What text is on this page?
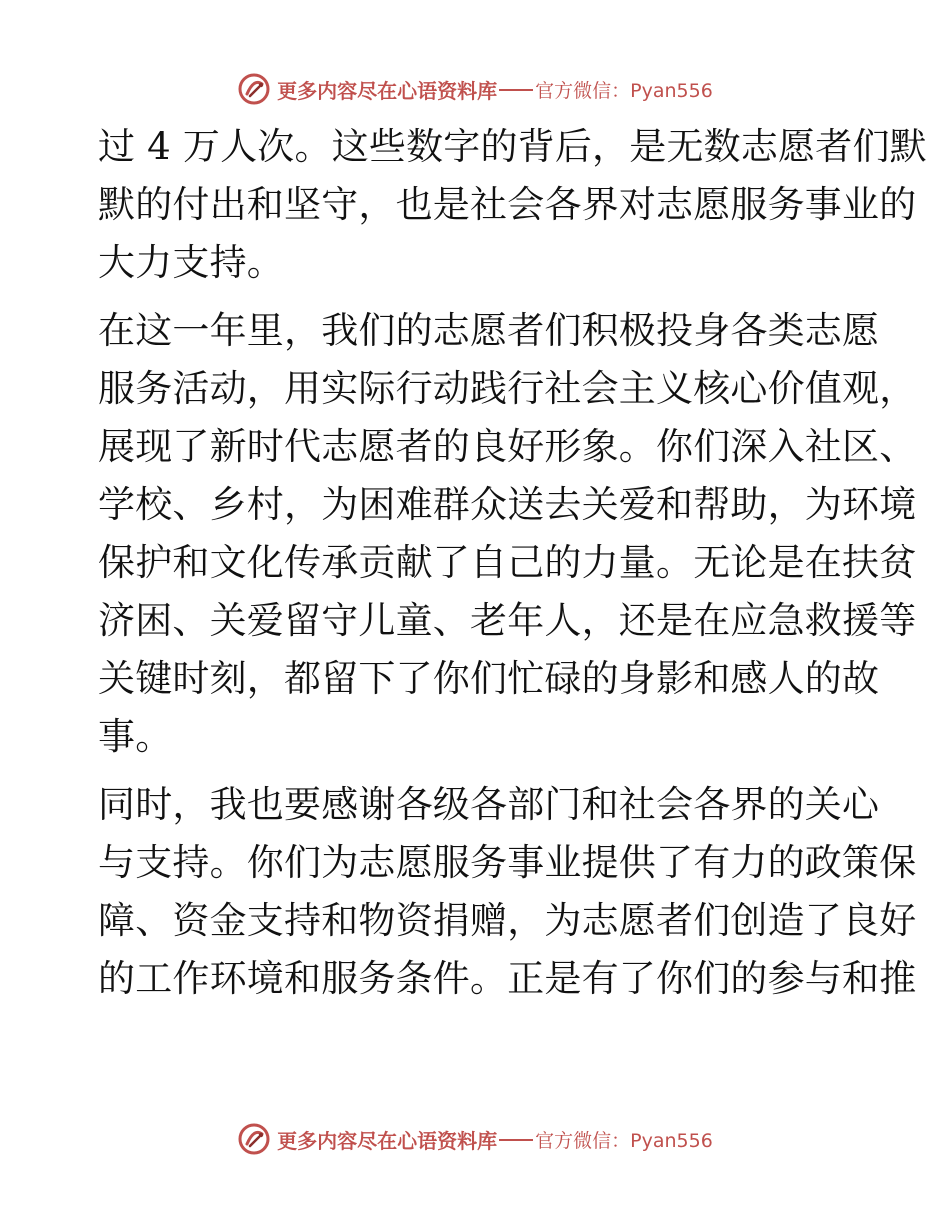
更多内容尽在心语资料库 官方微信：Pyan556
过 4 万人次。这些数字的背后，是无数志愿者们默
默的付出和坚守，也是社会各界对志愿服务事业的
大力支持。
在这一年里，我们的志愿者们积极投身各类志愿
服务活动，用实际行动践行社会主义核心价值观，
展现了新时代志愿者的良好形象。你们深入社区、
学校、乡村，为困难群众送去关爱和帮助，为环境
保护和文化传承贡献了自己的力量。无论是在扶贫
济困、关爱留守儿童、老年人，还是在应急救援等
关键时刻，都留下了你们忙碌的身影和感人的故
事。
同时，我也要感谢各级各部门和社会各界的关心
与支持。你们为志愿服务事业提供了有力的政策保
障、资金支持和物资捐赠，为志愿者们创造了良好
的工作环境和服务条件。正是有了你们的参与和推
更多内容尽在心语资料库 官方微信：Pyan556
